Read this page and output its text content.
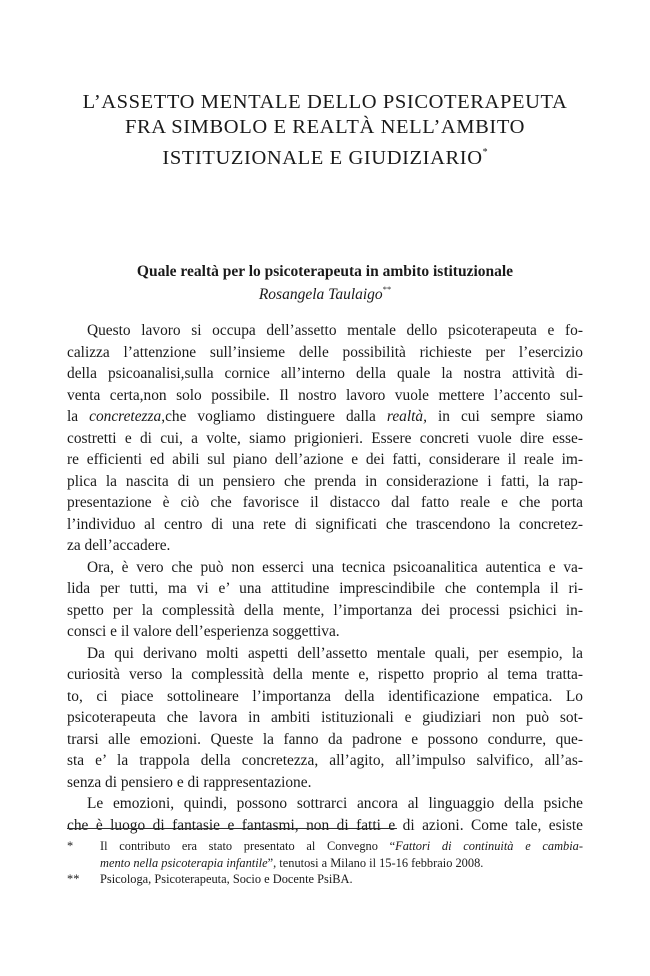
L’ASSETTO MENTALE DELLO PSICOTERAPEUTA
FRA SIMBOLO E REALTÀ NELL’AMBITO
ISTITUZIONALE E GIUDIZIARIO*
Quale realtà per lo psicoterapeuta in ambito istituzionale
Rosangela Taulaigo**
Questo lavoro si occupa dell’assetto mentale dello psicoterapeuta e fo-
calizza l’attenzione sull’insieme delle possibilità richieste per l’esercizio
della psicoanalisi,sulla cornice all’interno della quale la nostra attività di-
venta certa,non solo possibile. Il nostro lavoro vuole mettere l’accento sul-
la concretezza,che vogliamo distinguere dalla realtà, in cui sempre siamo
costretti e di cui, a volte, siamo prigionieri. Essere concreti vuole dire esse-
re efficienti ed abili sul piano dell’azione e dei fatti, considerare il reale im-
plica la nascita di un pensiero che prenda in considerazione i fatti, la rap-
presentazione è ciò che favorisce il distacco dal fatto reale e che porta
l’individuo al centro di una rete di significati che trascendono la concretez-
za dell’accadere.
Ora, è vero che può non esserci una tecnica psicoanalitica autentica e va-
lida per tutti, ma vi e’ una attitudine imprescindibile che contempla il ri-
spetto per la complessità della mente, l’importanza dei processi psichici in-
consci e il valore dell’esperienza soggettiva.
Da qui derivano molti aspetti dell’assetto mentale quali, per esempio, la
curiosità verso la complessità della mente e, rispetto proprio al tema tratta-
to, ci piace sottolineare l’importanza della identificazione empatica. Lo
psicoterapeuta che lavora in ambiti istituzionali e giudiziari non può sot-
trarsi alle emozioni. Queste la fanno da padrone e possono condurre, que-
sta e’ la trappola della concretezza, all’agito, all’impulso salvifico, all’as-
senza di pensiero e di rappresentazione.
Le emozioni, quindi, possono sottrarci ancora al linguaggio della psiche
che è luogo di fantasie e fantasmi, non di fatti e di azioni. Come tale, esiste
* Il contributo era stato presentato al Convegno “Fattori di continuità e cambia-
mento nella psicoterapia infantile”, tenutosi a Milano il 15-16 febbraio 2008.
** Psicologa, Psicoterapeuta, Socio e Docente PsiBA.
